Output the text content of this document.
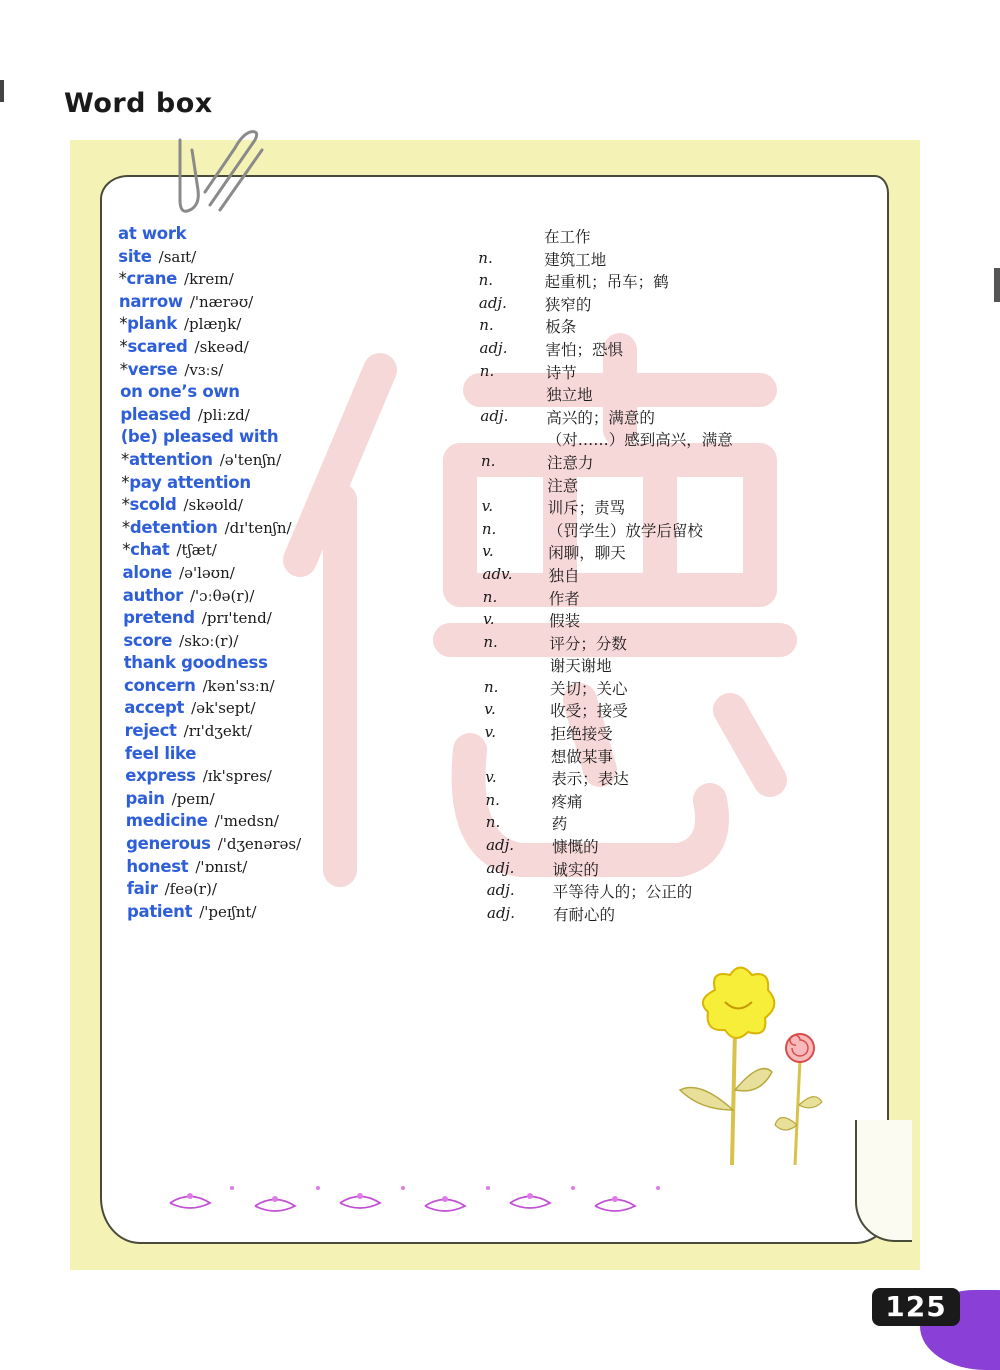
Word box
at work	在工作
site /saɪt/	n.	建筑工地
*crane /kreɪn/	n.	起重机；吊车；鹤
narrow /'nærəʊ/	adj. 狭窄的
*plank /plæŋk/	n.	板条
*scared /skeəd/	adj. 害怕；恐惧
*verse /vɜːs/	n.	诗节
on one’s own	独立地
pleased /pliːzd/	adj. 高兴的；满意的
(be) pleased with	（对……）感到高兴，满意
*attention /ə'tenʃn/	n.	注意力
*pay attention	注意
*scold /skəʊld/	v.	训斥；责骂
*detention /dɪ'tenʃn/	n.	（罚学生）放学后留校
*chat /tʃæt/	v.	闲聊，聊天
alone /ə'ləʊn/	adv. 独自
author /'ɔːθə(r)/	n.	作者
pretend /prɪ'tend/	v.	假装
score /skɔː(r)/	n.	评分；分数
thank goodness	谢天谢地
concern /kən'sɜːn/	n.	关切；关心
accept /ək'sept/	v.	收受；接受
reject /rɪ'dʒekt/	v.	拒绝接受
feel like	想做某事
express /ɪk'spres/	v.	表示；表达
pain /peɪn/	n.	疼痛
medicine /'medsn/	n.	药
generous /'dʒenərəs/	adj. 慷慨的
honest /'ɒnɪst/	adj. 诚实的
fair /feə(r)/	adj. 平等待人的；公正的
patient /'peɪʃnt/	adj. 有耐心的
125
